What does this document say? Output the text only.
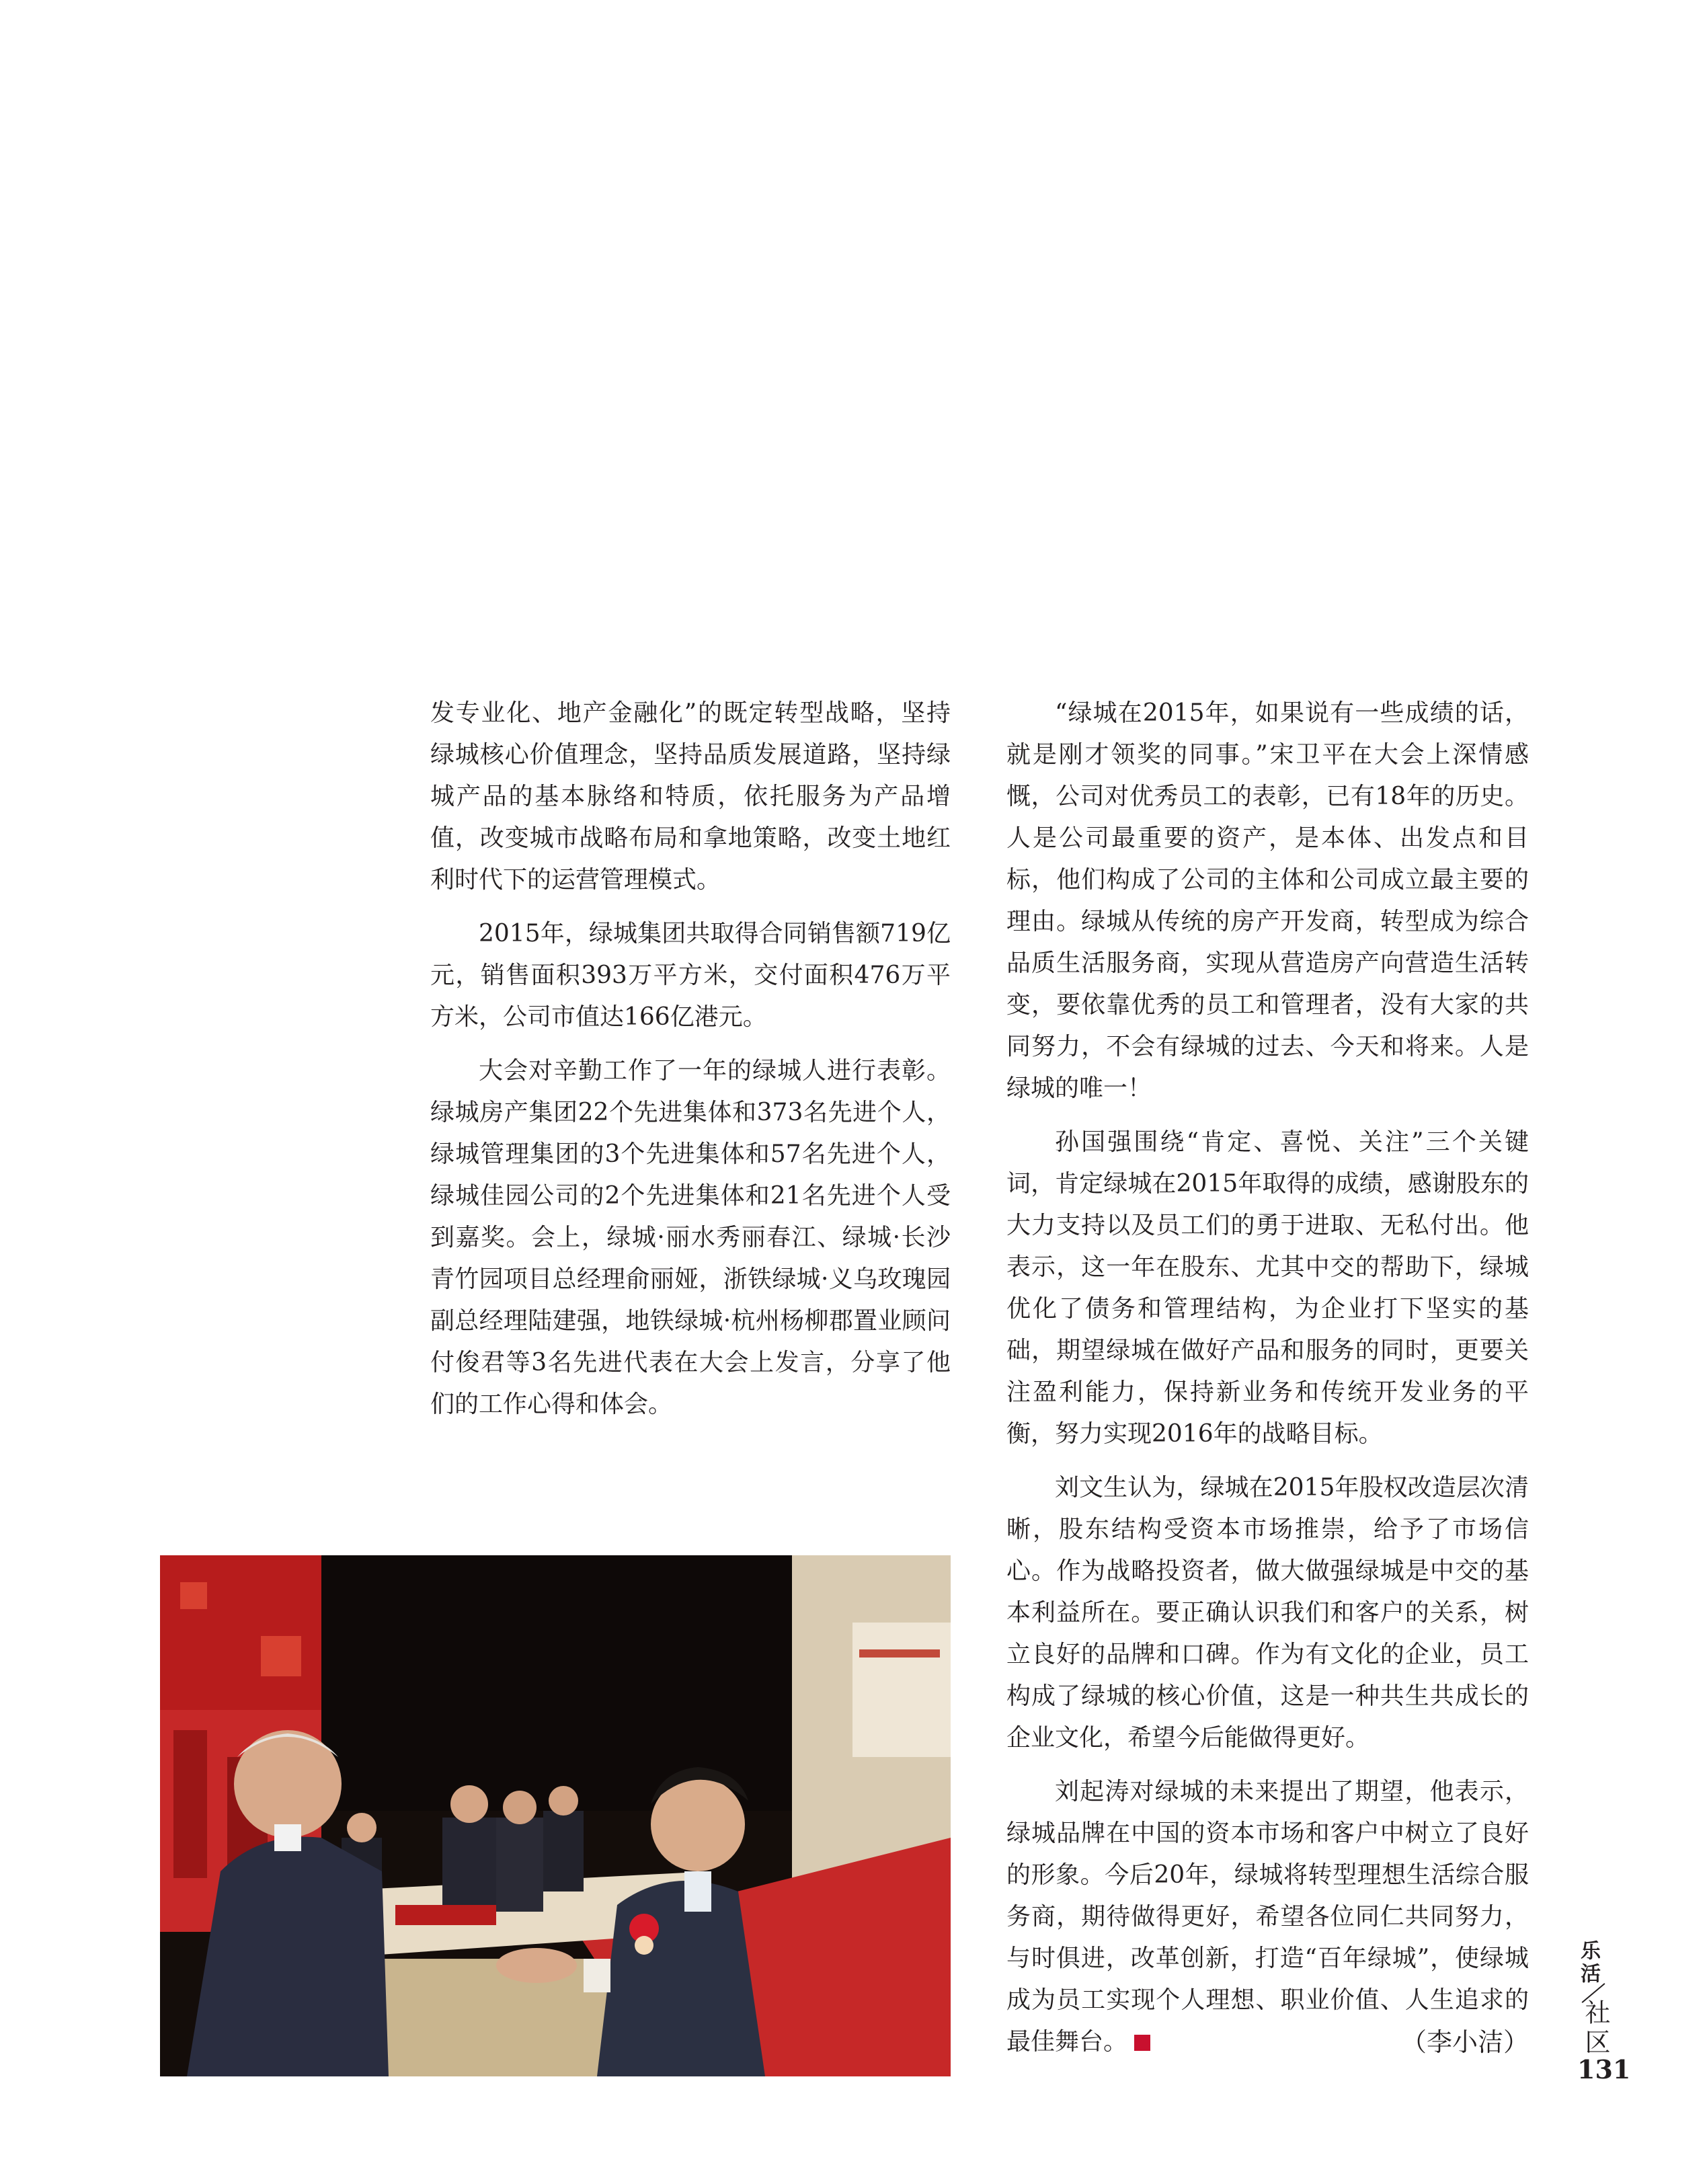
发专业化、地产金融化”的既定转型战略，坚持绿城核心价值理念，坚持品质发展道路，坚持绿城产品的基本脉络和特质，依托服务为产品增值，改变城市战略布局和拿地策略，改变土地红利时代下的运营管理模式。

2015年，绿城集团共取得合同销售额719亿元，销售面积393万平方米，交付面积476万平方米，公司市值达166亿港元。

大会对辛勤工作了一年的绿城人进行表彰。绿城房产集团22个先进集体和373名先进个人，绿城管理集团的3个先进集体和57名先进个人，绿城佳园公司的2个先进集体和21名先进个人受到嘉奖。会上，绿城·丽水秀丽春江、绿城·长沙青竹园项目总经理俞丽娅，浙铁绿城·义乌玫瑰园副总经理陆建强，地铁绿城·杭州杨柳郡置业顾问付俊君等3名先进代表在大会上发言，分享了他们的工作心得和体会。

“绿城在2015年，如果说有一些成绩的话，就是刚才领奖的同事。”宋卫平在大会上深情感慨，公司对优秀员工的表彰，已有18年的历史。人是公司最重要的资产，是本体、出发点和目标，他们构成了公司的主体和公司成立最主要的理由。绿城从传统的房产开发商，转型成为综合品质生活服务商，实现从营造房产向营造生活转变，要依靠优秀的员工和管理者，没有大家的共同努力，不会有绿城的过去、今天和将来。人是绿城的唯一！

孙国强围绕“肯定、喜悦、关注”三个关键词，肯定绿城在2015年取得的成绩，感谢股东的大力支持以及员工们的勇于进取、无私付出。他表示，这一年在股东、尤其中交的帮助下，绿城优化了债务和管理结构，为企业打下坚实的基础，期望绿城在做好产品和服务的同时，更要关注盈利能力，保持新业务和传统开发业务的平衡，努力实现2016年的战略目标。

刘文生认为，绿城在2015年股权改造层次清晰，股东结构受资本市场推崇，给予了市场信心。作为战略投资者，做大做强绿城是中交的基本利益所在。要正确认识我们和客户的关系，树立良好的品牌和口碑。作为有文化的企业，员工构成了绿城的核心价值，这是一种共生共成长的企业文化，希望今后能做得更好。

刘起涛对绿城的未来提出了期望，他表示，绿城品牌在中国的资本市场和客户中树立了良好的形象。今后20年，绿城将转型理想生活综合服务商，期待做得更好，希望各位同仁共同努力，与时俱进，改革创新，打造“百年绿城”，使绿城成为员工实现个人理想、职业价值、人生追求的最佳舞台。	（李小洁）

乐活
社区
131
